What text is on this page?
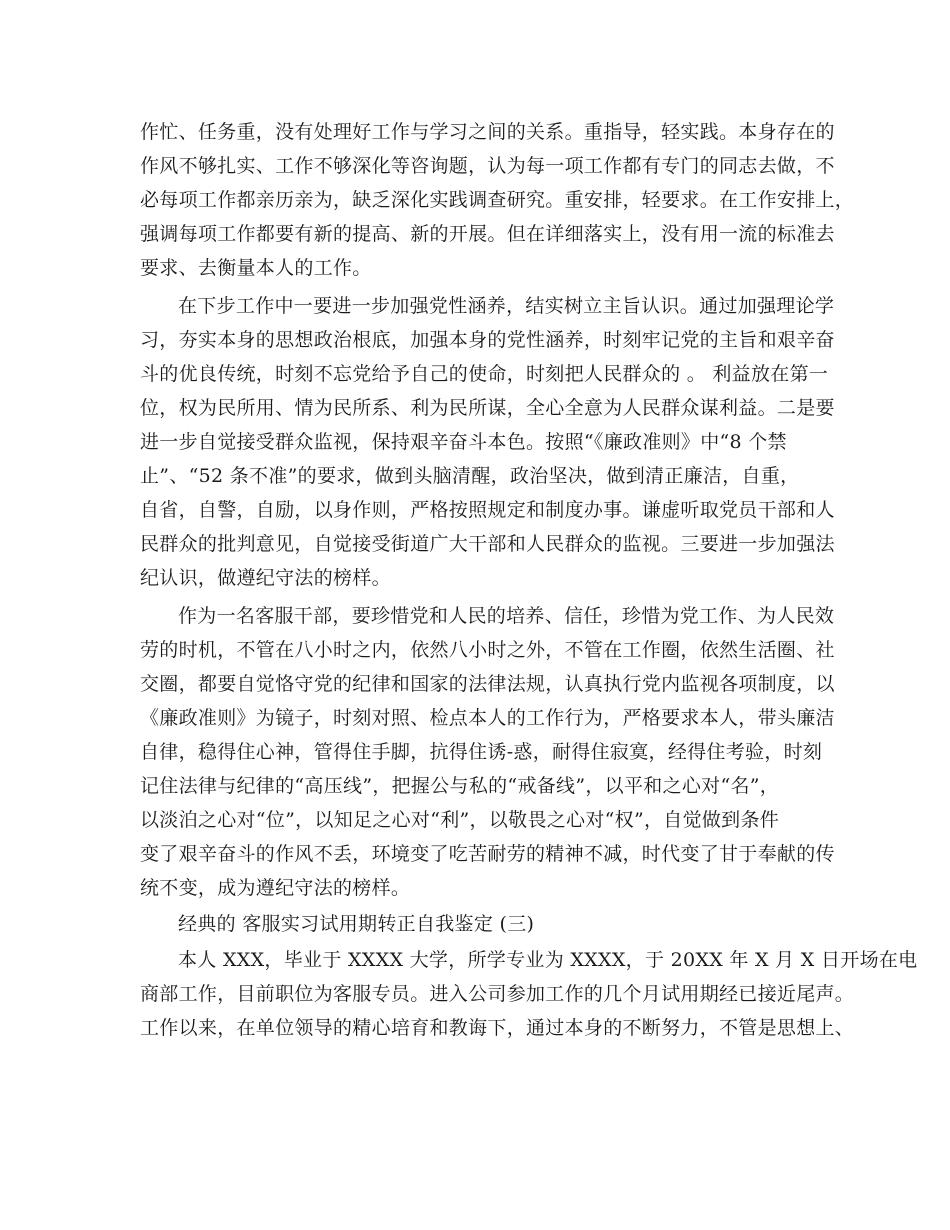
作忙、任务重，没有处理好工作与学习之间的关系。重指导，轻实践。本身存在的
作风不够扎实、工作不够深化等咨询题，认为每一项工作都有专门的同志去做，不
必每项工作都亲历亲为，缺乏深化实践调查研究。重安排，轻要求。在工作安排上，
强调每项工作都要有新的提高、新的开展。但在详细落实上，没有用一流的标准去
要求、去衡量本人的工作。
在下步工作中一要进一步加强党性涵养，结实树立主旨认识。通过加强理论学
习，夯实本身的思想政治根底，加强本身的党性涵养，时刻牢记党的主旨和艰辛奋
斗的优良传统，时刻不忘党给予自己的使命，时刻把人民群众的 。 利益放在第一
位，权为民所用、情为民所系、利为民所谋，全心全意为人民群众谋利益。二是要
进一步自觉接受群众监视，保持艰辛奋斗本色。按照“《廉政准则》中“8 个禁
止”、“52 条不准”的要求，做到头脑清醒，政治坚决，做到清正廉洁，自重，
自省，自警，自励，以身作则，严格按照规定和制度办事。谦虚听取党员干部和人
民群众的批判意见，自觉接受街道广大干部和人民群众的监视。三要进一步加强法
纪认识，做遵纪守法的榜样。
作为一名客服干部，要珍惜党和人民的培养、信任，珍惜为党工作、为人民效
劳的时机，不管在八小时之内，依然八小时之外，不管在工作圈，依然生活圈、社
交圈，都要自觉恪守党的纪律和国家的法律法规，认真执行党内监视各项制度，以
《廉政准则》为镜子，时刻对照、检点本人的工作行为，严格要求本人，带头廉洁
自律，稳得住心神，管得住手脚，抗得住诱-惑，耐得住寂寞，经得住考验，时刻
记住法律与纪律的“高压线”，把握公与私的“戒备线”，以平和之心对“名”，
以淡泊之心对“位”，以知足之心对“利”，以敬畏之心对“权”，自觉做到条件
变了艰辛奋斗的作风不丢，环境变了吃苦耐劳的精神不减，时代变了甘于奉献的传
统不变，成为遵纪守法的榜样。
经典的 客服实习试用期转正自我鉴定 (三)
本人 XXX，毕业于 XXXX 大学，所学专业为 XXXX，于 20XX 年 X 月 X 日开场在电
商部工作，目前职位为客服专员。进入公司参加工作的几个月试用期经已接近尾声。
工作以来，在单位领导的精心培育和教诲下，通过本身的不断努力，不管是思想上、
